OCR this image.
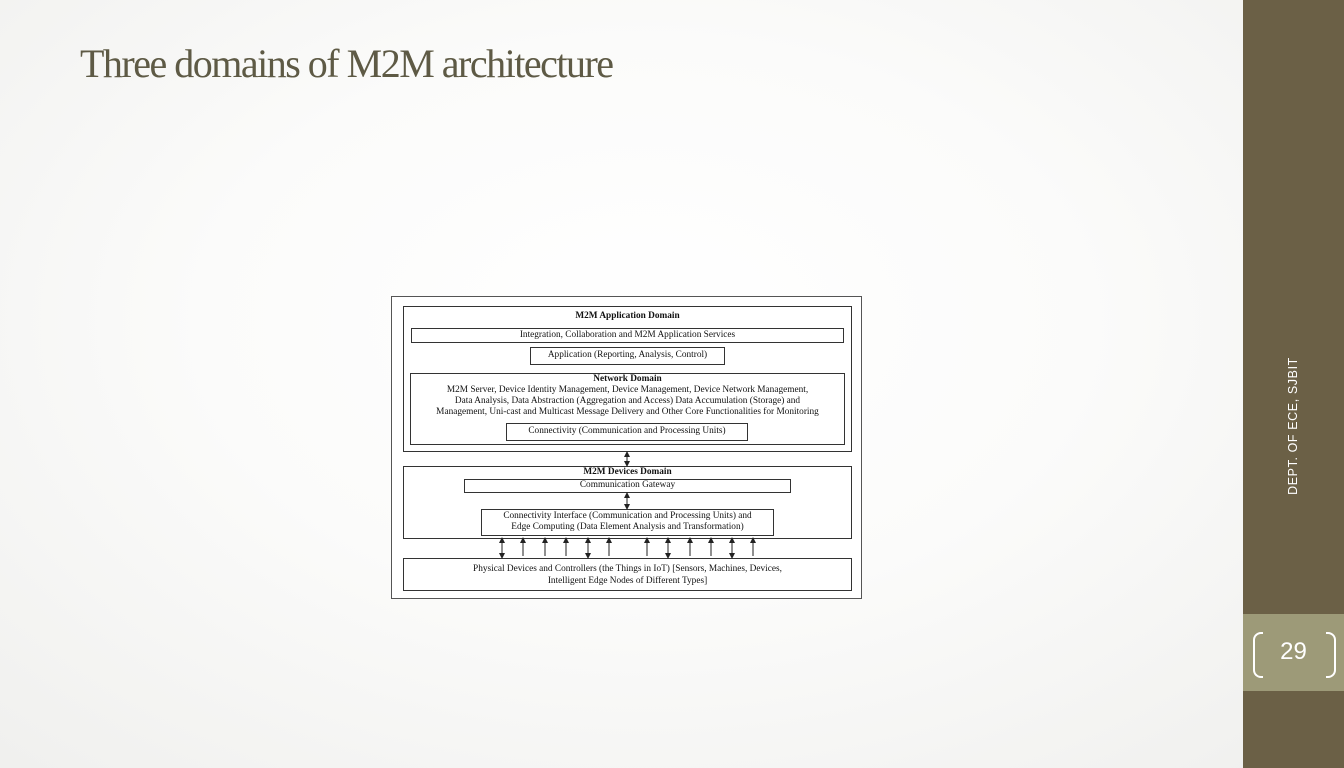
Three domains of M2M architecture
DEPT. OF ECE, SJBIT
29
M2M Application Domain
Integration, Collaboration and M2M Application Services
Application (Reporting, Analysis, Control)
Network Domain
M2M Server, Device Identity Management, Device Management, Device Network Management,
Data Analysis, Data Abstraction (Aggregation and Access) Data Accumulation (Storage) and
Management, Uni-cast and Multicast Message Delivery and Other Core Functionalities for Monitoring
Connectivity (Communication and Processing Units)
M2M Devices Domain
Communication Gateway
Connectivity Interface (Communication and Processing Units) and
Edge Computing (Data Element Analysis and Transformation)
Physical Devices and Controllers (the Things in IoT) [Sensors, Machines, Devices,
Intelligent Edge Nodes of Different Types]
